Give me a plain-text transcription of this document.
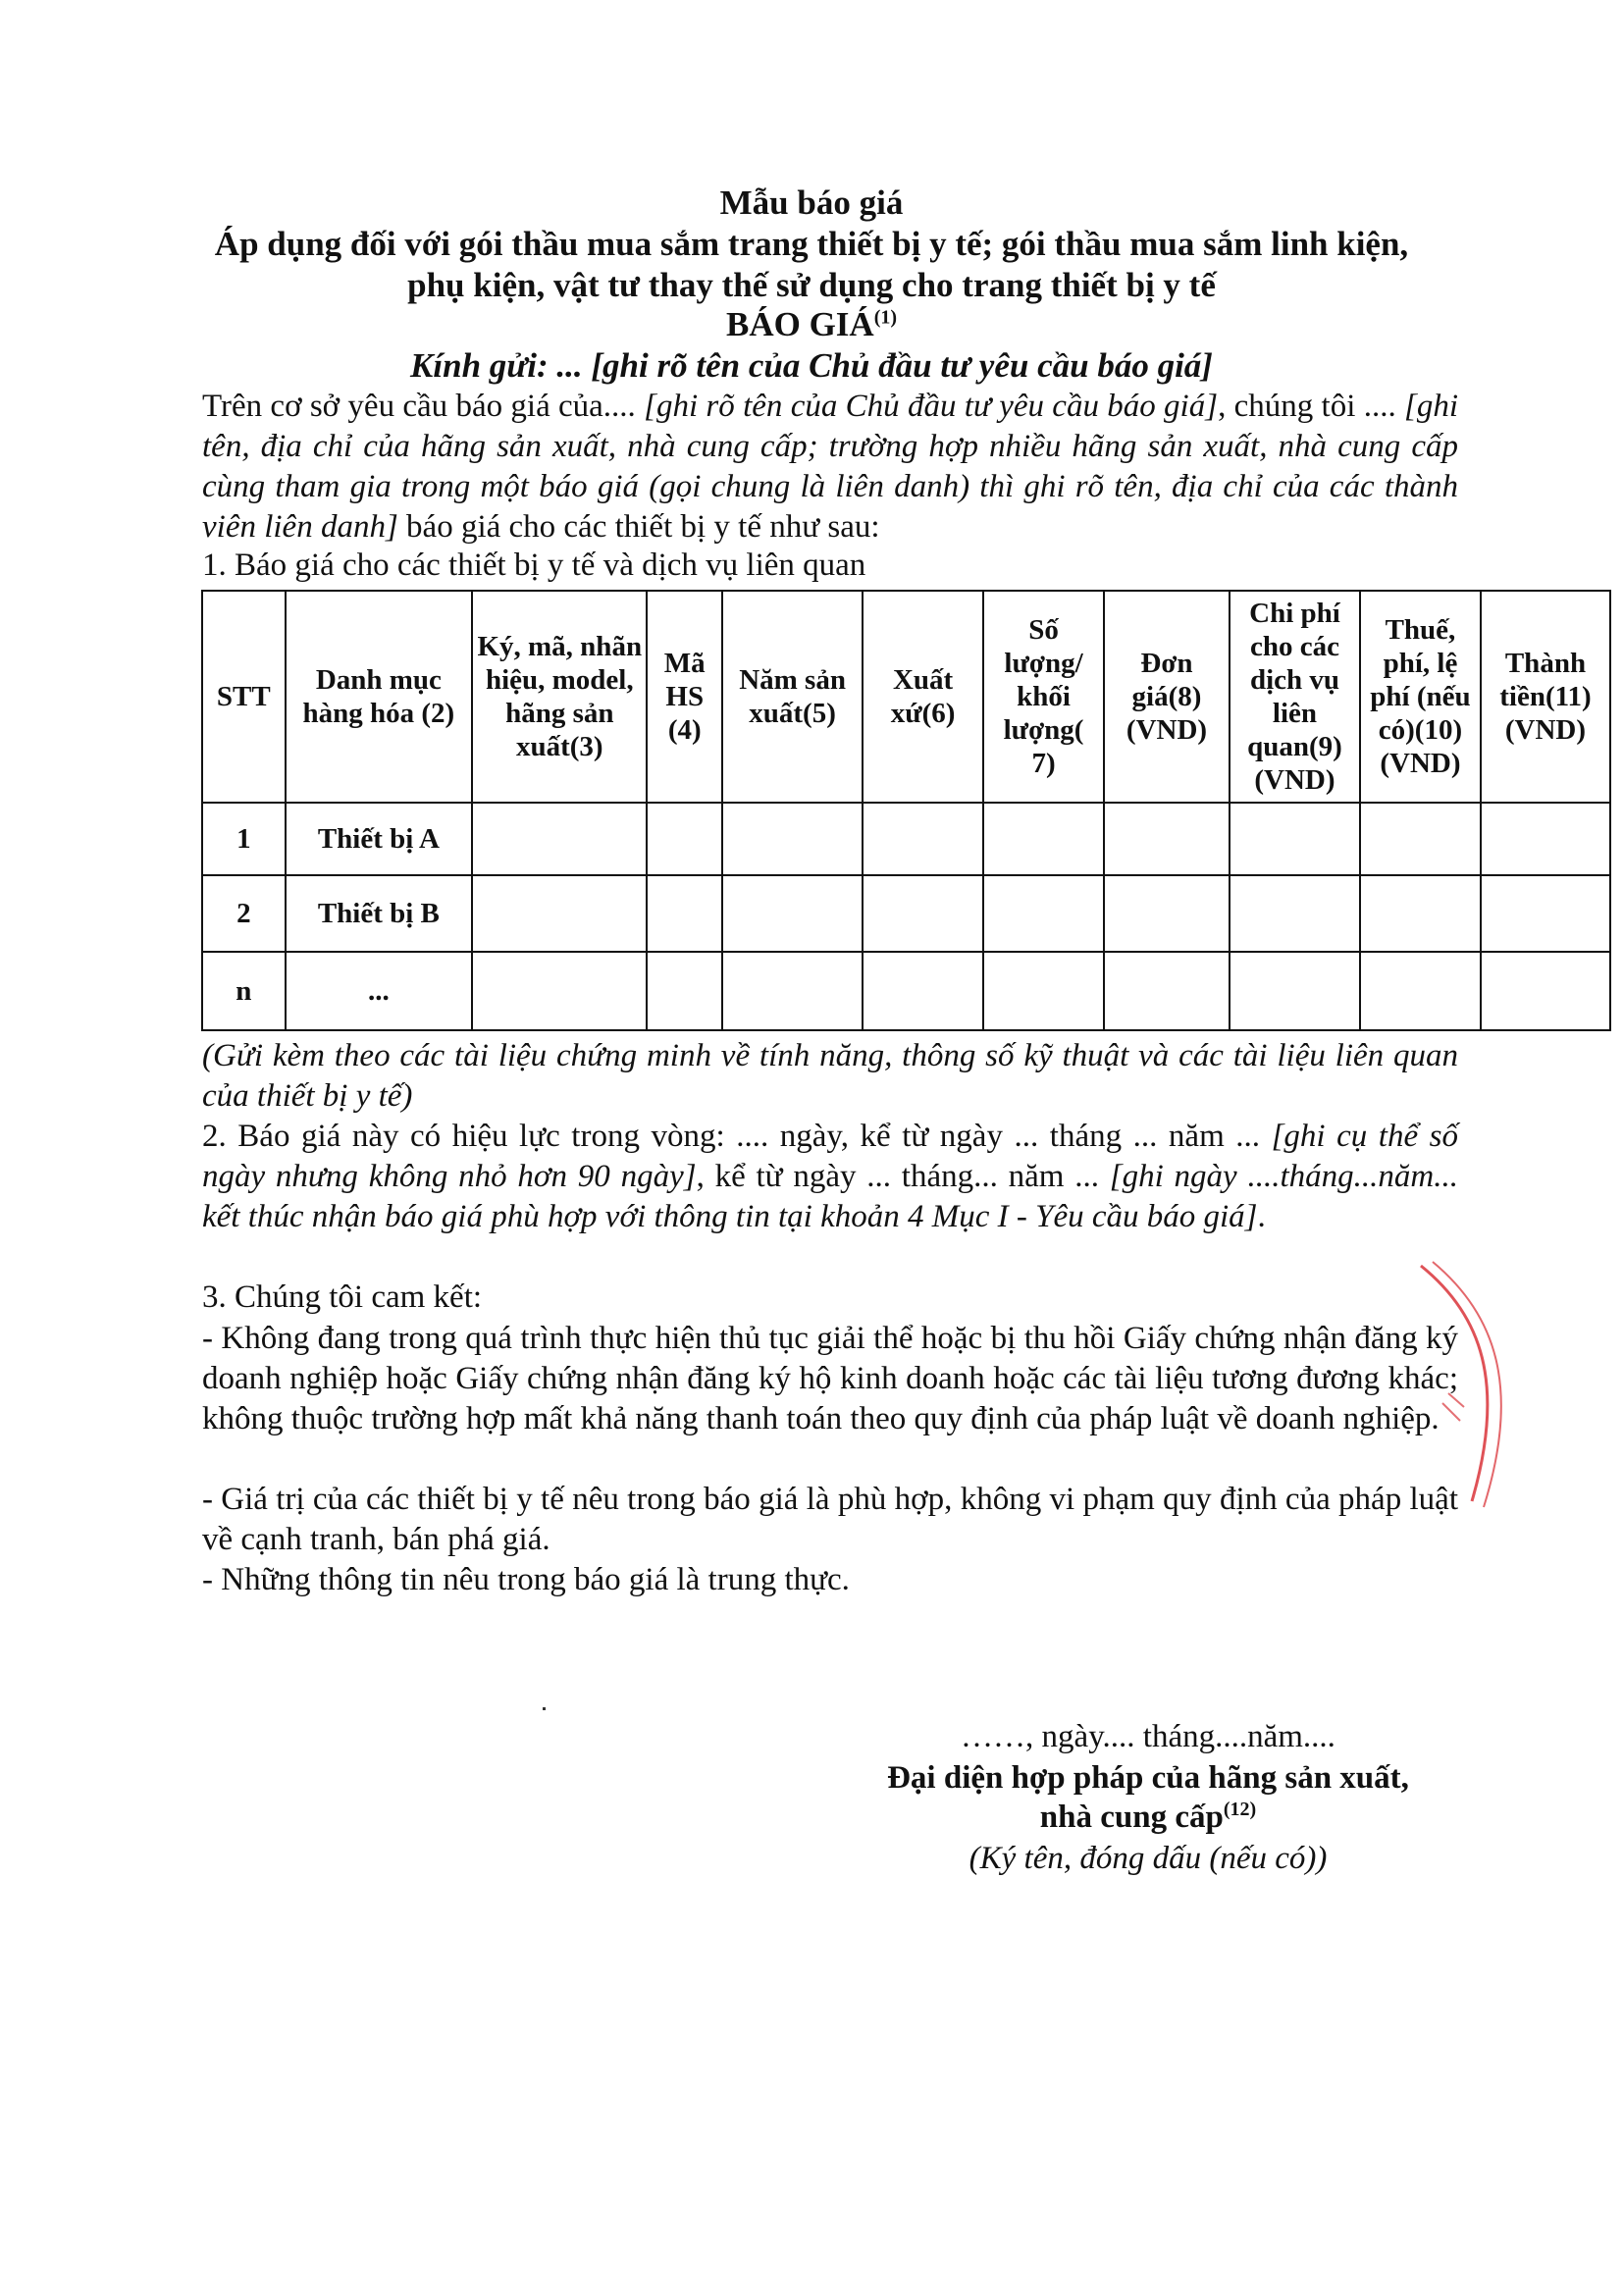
Mẫu báo giá
Áp dụng đối với gói thầu mua sắm trang thiết bị y tế; gói thầu mua sắm linh kiện,
phụ kiện, vật tư thay thế sử dụng cho trang thiết bị y tế
BÁO GIÁ$^{(1)}$
Kính gửi: ... [ghi rõ tên của Chủ đầu tư yêu cầu báo giá]
Trên cơ sở yêu cầu báo giá của.... [ghi rõ tên của Chủ đầu tư yêu cầu báo giá], chúng tôi .... [ghi tên, địa chỉ của hãng sản xuất, nhà cung cấp; trường hợp nhiều hãng sản xuất, nhà cung cấp cùng tham gia trong một báo giá (gọi chung là liên danh) thì ghi rõ tên, địa chỉ của các thành viên liên danh] báo giá cho các thiết bị y tế như sau:
1. Báo giá cho các thiết bị y tế và dịch vụ liên quan
STT	Danh mục hàng hóa (2)	Ký, mã, nhãn hiệu, model, hãng sản xuất(3)	Mã HS (4)	Năm sản xuất(5)	Xuất xứ(6)	Số lượng/ khối lượng( 7)	Đơn giá(8) (VND)	Chi phí cho các dịch vụ liên quan(9) (VND)	Thuế, phí, lệ phí (nếu có)(10) (VND)	Thành tiền(11) (VND)
1	Thiết bị A									
2	Thiết bị B									
n	...									
(Gửi kèm theo các tài liệu chứng minh về tính năng, thông số kỹ thuật và các tài liệu liên quan của thiết bị y tế)
2. Báo giá này có hiệu lực trong vòng: .... ngày, kể từ ngày ... tháng ... năm ... [ghi cụ thể số ngày nhưng không nhỏ hơn 90 ngày], kể từ ngày ... tháng... năm ... [ghi ngày ....tháng...năm... kết thúc nhận báo giá phù hợp với thông tin tại khoản 4 Mục I - Yêu cầu báo giá].
3. Chúng tôi cam kết:
- Không đang trong quá trình thực hiện thủ tục giải thể hoặc bị thu hồi Giấy chứng nhận đăng ký doanh nghiệp hoặc Giấy chứng nhận đăng ký hộ kinh doanh hoặc các tài liệu tương đương khác; không thuộc trường hợp mất khả năng thanh toán theo quy định của pháp luật về doanh nghiệp.
- Giá trị của các thiết bị y tế nêu trong báo giá là phù hợp, không vi phạm quy định của pháp luật về cạnh tranh, bán phá giá.
- Những thông tin nêu trong báo giá là trung thực.
……, ngày.... tháng....năm....
Đại diện hợp pháp của hãng sản xuất,
nhà cung cấp$^{(12)}$
(Ký tên, đóng dấu (nếu có))
